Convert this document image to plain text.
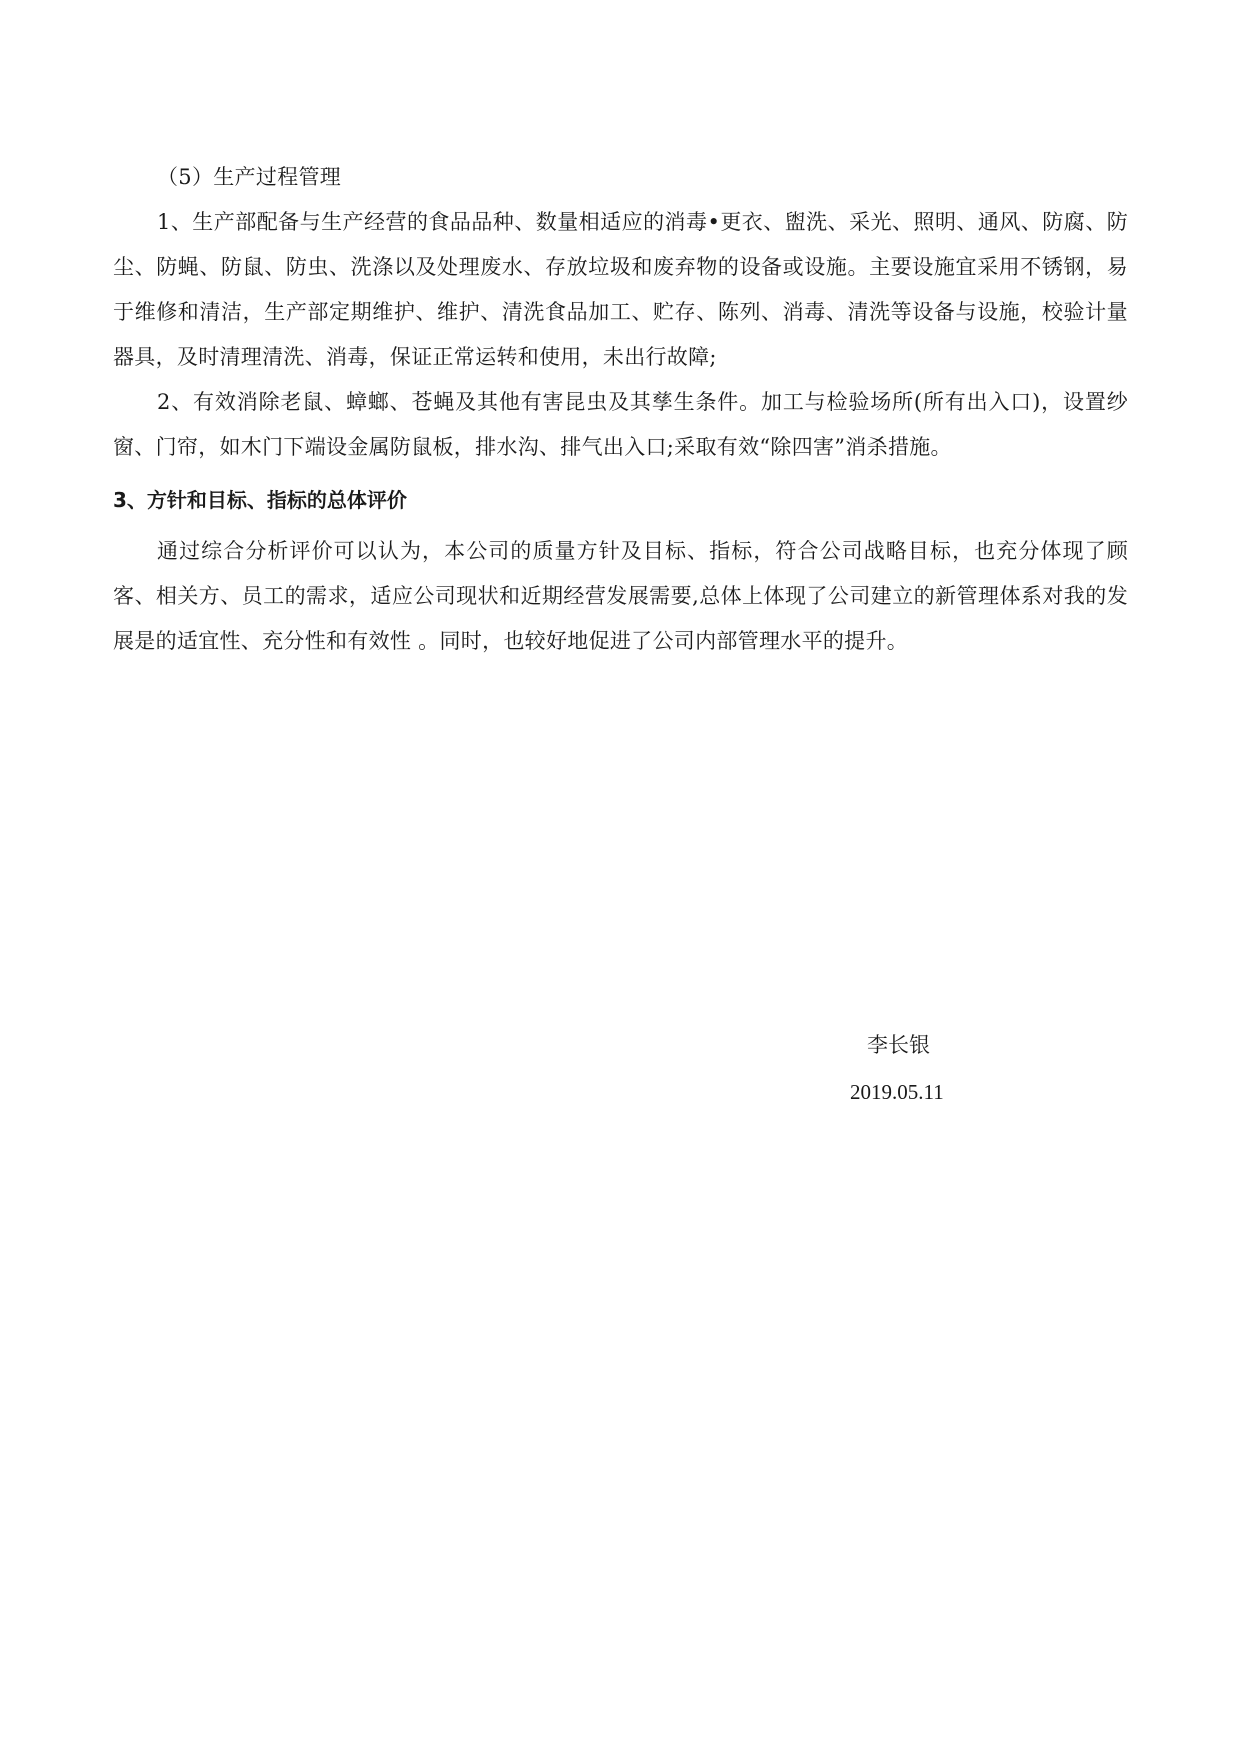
（5）生产过程管理

1、生产部配备与生产经营的食品品种、数量相适应的消毒•更衣、盥洗、采光、照明、通风、防腐、防尘、防蝇、防鼠、防虫、洗涤以及处理废水、存放垃圾和废弃物的设备或设施。主要设施宜采用不锈钢，易于维修和清洁，生产部定期维护、维护、清洗食品加工、贮存、陈列、消毒、清洗等设备与设施，校验计量器具，及时清理清洗、消毒，保证正常运转和使用，未出行故障;

2、有效消除老鼠、蟑螂、苍蝇及其他有害昆虫及其孳生条件。加工与检验场所(所有出入口)，设置纱窗、门帘，如木门下端设金属防鼠板，排水沟、排气出入口;采取有效“除四害”消杀措施。

3、方针和目标、指标的总体评价

通过综合分析评价可以认为，本公司的质量方针及目标、指标，符合公司战略目标，也充分体现了顾客、相关方、员工的需求，适应公司现状和近期经营发展需要,总体上体现了公司建立的新管理体系对我的发展是的适宜性、充分性和有效性 。同时，也较好地促进了公司内部管理水平的提升。

李长银
2019.05.11
